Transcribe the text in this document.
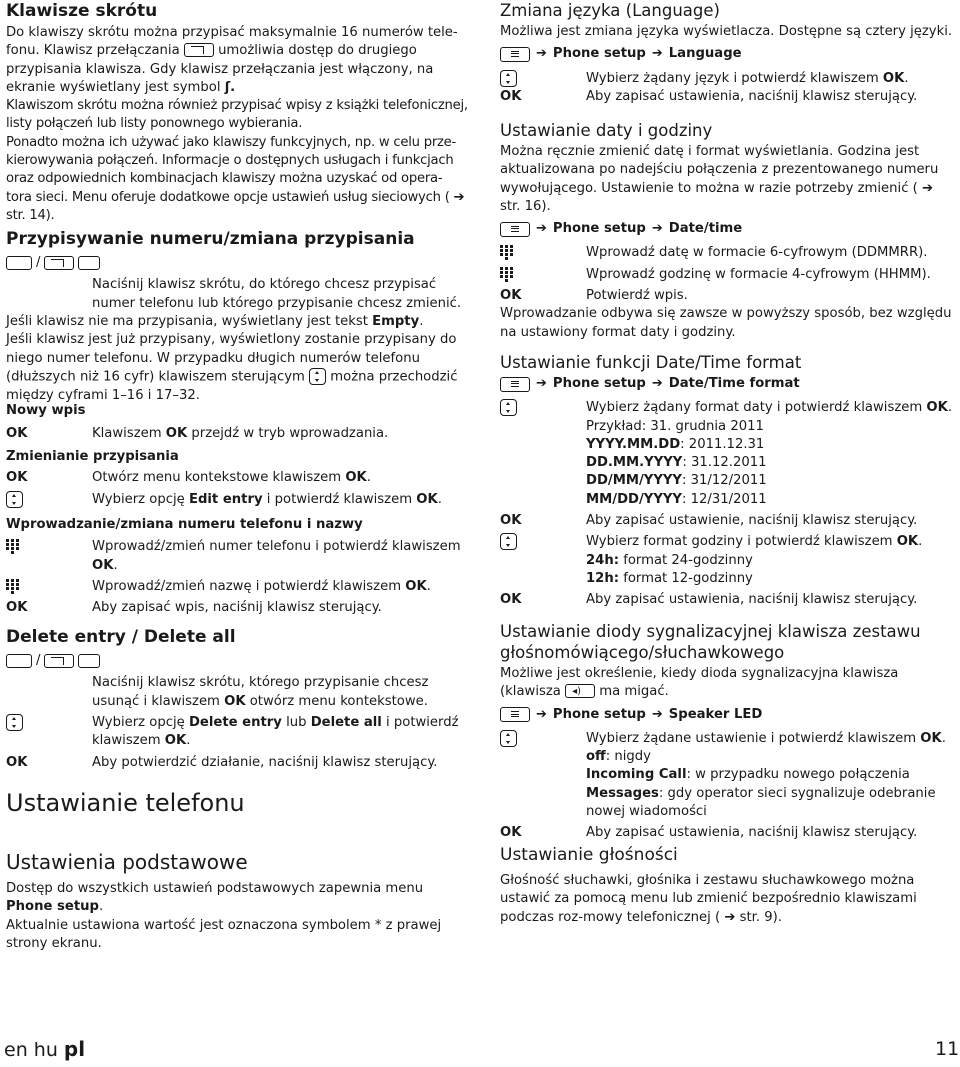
Klawisze skrótu

Do klawiszy skrótu można przypisać maksymalnie 16 numerów tele-fonu. Klawisz przełączania	umożliwia dostęp do drugiego przypisania klawisza. Gdy klawisz przełączania jest włączony, na ekranie wyświetlany jest symbol ʃ.

Klawiszom skrótu można również przypisać wpisy z książki telefonicznej, listy połączeń lub listy ponownego wybierania.

Ponadto można ich używać jako klawiszy funkcyjnych, np. w celu prze-kierowywania połączeń. Informacje o dostępnych usługach i funkcjach oraz odpowiednich kombinacjach klawiszy można uzyskać od opera-tora sieci. Menu oferuje dodatkowe opcje ustawień usług sieciowych ( ➔ str. 14).

Przypisywanie numeru/zmiana przypisania
/
Naciśnij klawisz skrótu, do którego chcesz przypisać numer telefonu lub którego przypisanie chcesz zmienić.

Jeśli klawisz nie ma przypisania, wyświetlany jest tekst Empty.

Jeśli klawisz jest już przypisany, wyświetlony zostanie przypisany do niego numer telefonu. W przypadku długich numerów telefonu (dłuższych niż 16 cyfr) klawiszem sterującym można przechodzić między cyframi 1–16 i 17–32.

Nowy wpis
OK	Klawiszem OK przejdź w tryb wprowadzania.
Zmienianie przypisania
OK	Otwórz menu kontekstowe klawiszem OK.
Wybierz opcję Edit entry i potwierdź klawiszem OK.
Wprowadzanie/zmiana numeru telefonu i nazwy
Wprowadź/zmień numer telefonu i potwierdź klawiszem OK.
Wprowadź/zmień nazwę i potwierdź klawiszem OK.
OK	Aby zapisać wpis, naciśnij klawisz sterujący.
Delete entry / Delete all
/
Naciśnij klawisz skrótu, którego przypisanie chcesz usunąć i klawiszem OK otwórz menu kontekstowe.
Wybierz opcję Delete entry lub Delete all i potwierdź klawiszem OK.
OK	Aby potwierdzić działanie, naciśnij klawisz sterujący.
Ustawianie telefonu
Ustawienia podstawowe

Dostęp do wszystkich ustawień podstawowych zapewnia menu Phone setup.

Aktualnie ustawiona wartość jest oznaczona symbolem * z prawej strony ekranu.

Zmiana języka (Language)

Możliwa jest zmiana języka wyświetlacza. Dostępne są cztery języki.

➔ Phone setup ➔ Language
Wybierz żądany język i potwierdź klawiszem OK.
OK	Aby zapisać ustawienia, naciśnij klawisz sterujący.
Ustawianie daty i godziny

Można ręcznie zmienić datę i format wyświetlania. Godzina jest aktualizowana po nadejściu połączenia z prezentowanego numeru wywołującego. Ustawienie to można w razie potrzeby zmienić ( ➔ str. 16).

➔ Phone setup ➔ Date/time
Wprowadź datę w formacie 6-cyfrowym (DDMMRR).
Wprowadź godzinę w formacie 4-cyfrowym (HHMM).
OK	Potwierdź wpis.

Wprowadzanie odbywa się zawsze w powyższy sposób, bez względu na ustawiony format daty i godziny.

Ustawianie funkcji Date/Time format
➔ Phone setup ➔ Date/Time format
Wybierz żądany format daty i potwierdź klawiszem OK.
Przykład: 31. grudnia 2011
YYYY.MM.DD: 2011.12.31
DD.MM.YYYY: 31.12.2011
DD/MM/YYYY: 31/12/2011
MM/DD/YYYY: 12/31/2011
OK	Aby zapisać ustawienie, naciśnij klawisz sterujący.
Wybierz format godziny i potwierdź klawiszem OK.
24h: format 24-godzinny
12h: format 12-godzinny
OK	Aby zapisać ustawienia, naciśnij klawisz sterujący.
Ustawianie diody sygnalizacyjnej klawisza zestawu głośnomówiącego/słuchawkowego

Możliwe jest określenie, kiedy dioda sygnalizacyjna klawisza (klawisza ◂)	ma migać.

➔ Phone setup ➔ Speaker LED
Wybierz żądane ustawienie i potwierdź klawiszem OK.
off: nigdy
Incoming Call: w przypadku nowego połączenia
Messages: gdy operator sieci sygnalizuje odebranie nowej wiadomości
OK	Aby zapisać ustawienia, naciśnij klawisz sterujący.
Ustawianie głośności

Głośność słuchawki, głośnika i zestawu słuchawkowego można ustawić za pomocą menu lub zmienić bezpośrednio klawiszami podczas roz-mowy telefonicznej ( ➔ str. 9).

en hu pl	11
